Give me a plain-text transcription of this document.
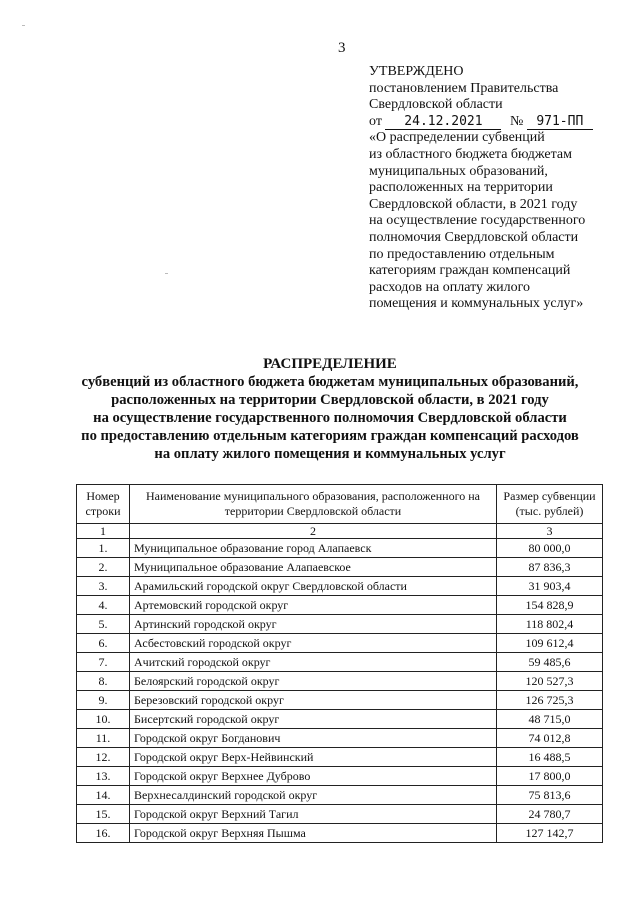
3
УТВЕРЖДЕНО
постановлением Правительства
Свердловской области
от 24.12.2021 № 971-ПП
«О распределении субвенций
из областного бюджета бюджетам
муниципальных образований,
расположенных на территории
Свердловской области, в 2021 году
на осуществление государственного
полномочия Свердловской области
по предоставлению отдельным
категориям граждан компенсаций
расходов на оплату жилого
помещения и коммунальных услуг»
РАСПРЕДЕЛЕНИЕ
субвенций из областного бюджета бюджетам муниципальных образований,
расположенных на территории Свердловской области, в 2021 году
на осуществление государственного полномочия Свердловской области
по предоставлению отдельным категориям граждан компенсаций расходов
на оплату жилого помещения и коммунальных услуг
Номер строки	Наименование муниципального образования, расположенного на территории Свердловской области	Размер субвенции (тыс. рублей)
1	2	3
1.	Муниципальное образование город Алапаевск	80 000,0
2.	Муниципальное образование Алапаевское	87 836,3
3.	Арамильский городской округ Свердловской области	31 903,4
4.	Артемовский городской округ	154 828,9
5.	Артинский городской округ	118 802,4
6.	Асбестовский городской округ	109 612,4
7.	Ачитский городской округ	59 485,6
8.	Белоярский городской округ	120 527,3
9.	Березовский городской округ	126 725,3
10.	Бисертский городской округ	48 715,0
11.	Городской округ Богданович	74 012,8
12.	Городской округ Верх-Нейвинский	16 488,5
13.	Городской округ Верхнее Дуброво	17 800,0
14.	Верхнесалдинский городской округ	75 813,6
15.	Городской округ Верхний Тагил	24 780,7
16.	Городской округ Верхняя Пышма	127 142,7
